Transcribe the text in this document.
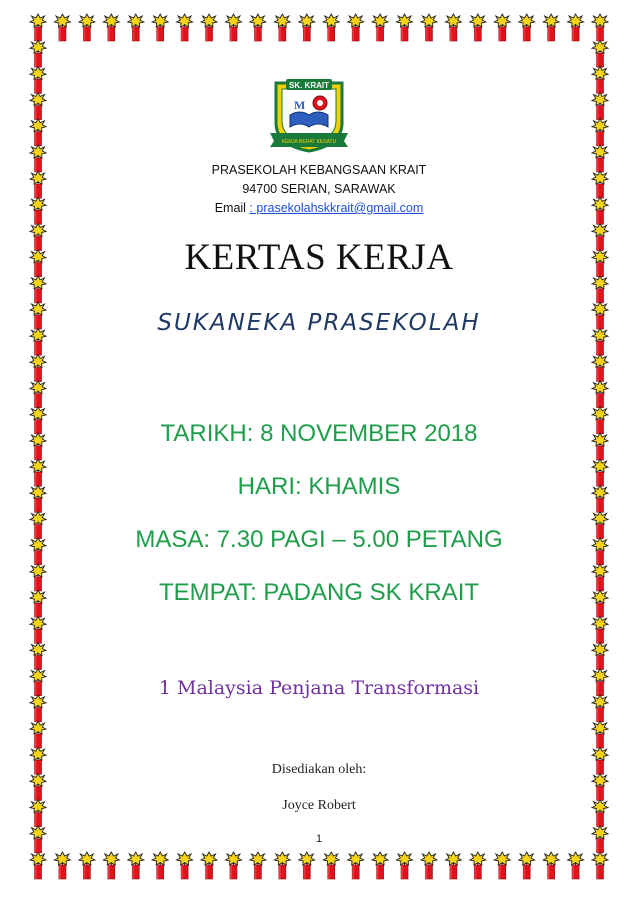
SK. KRAIT
M
KERJA BERAT KESATU
PRASEKOLAH KEBANGSAAN KRAIT
94700 SERIAN, SARAWAK
Email : prasekolahskkrait@gmail.com
KERTAS KERJA
SUKANEKA PRASEKOLAH
TARIKH: 8 NOVEMBER 2018
HARI: KHAMIS
MASA: 7.30 PAGI – 5.00 PETANG
TEMPAT: PADANG SK KRAIT
1 Malaysia Penjana Transformasi
Disediakan oleh:
Joyce Robert
1
